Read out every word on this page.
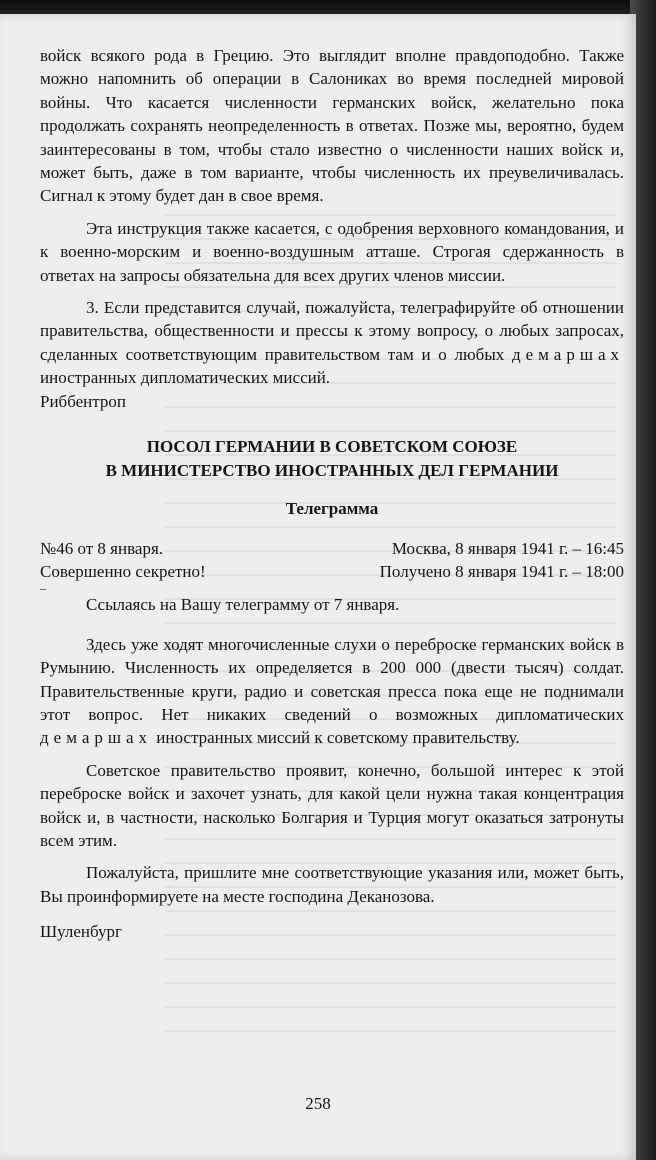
войск всякого рода в Грецию. Это выглядит вполне правдоподобно. Также можно напомнить об операции в Салониках во время последней мировой войны. Что касается численности германских войск, желательно пока продолжать сохранять неопределенность в ответах. Позже мы, вероятно, будем заинтересованы в том, чтобы стало известно о численности наших войск и, может быть, даже в том варианте, чтобы численность их преувеличивалась. Сигнал к этому будет дан в свое время.

Эта инструкция также касается, с одобрения верховного командования, и к военно-морским и военно-воздушным атташе. Строгая сдержанность в ответах на запросы обязательна для всех других членов миссии.

3. Если представится случай, пожалуйста, телеграфируйте об отношении правительства, общественности и прессы к этому вопросу, о любых запросах, сделанных соответствующим правительством там и о любых демаршах иностранных дипломатических миссий.

Риббентроп

ПОСОЛ ГЕРМАНИИ В СОВЕТСКОМ СОЮЗЕ
В МИНИСТЕРСТВО ИНОСТРАННЫХ ДЕЛ ГЕРМАНИИ
Телеграмма
№46 от 8 января.	Москва, 8 января 1941 г. – 16:45
Совершенно секретно!	Получено 8 января 1941 г. – 18:00
–

Ссылаясь на Вашу телеграмму от 7 января.

Здесь уже ходят многочисленные слухи о переброске германских войск в Румынию. Численность их определяется в 200 000 (двести тысяч) солдат. Правительственные круги, радио и советская пресса пока еще не поднимали этот вопрос. Нет никаких сведений о возможных дипломатических демаршах иностранных миссий к советскому правительству.

Советское правительство проявит, конечно, большой интерес к этой переброске войск и захочет узнать, для какой цели нужна такая концентрация войск и, в частности, насколько Болгария и Турция могут оказаться затронуты всем этим.

Пожалуйста, пришлите мне соответствующие указания или, может быть, Вы проинформируете на месте господина Деканозова.

Шуленбург

258
